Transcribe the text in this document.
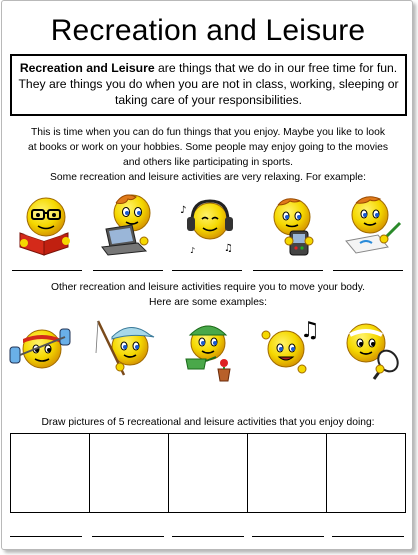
Recreation and Leisure
Recreation and Leisure are things that we do in our free time for fun. They are things you do when you are not in class, working, sleeping or taking care of your responsibilities.
This is time when you can do fun things that you enjoy. Maybe you like to look
at books or work on your hobbies. Some people may enjoy going to the movies
and others like participating in sports.
Some recreation and leisure activities are very relaxing. For example:
♪
♫
♪
Other recreation and leisure activities require you to move your body.
Here are some examples:
♫
Draw pictures of 5 recreational and leisure activities that you enjoy doing:
